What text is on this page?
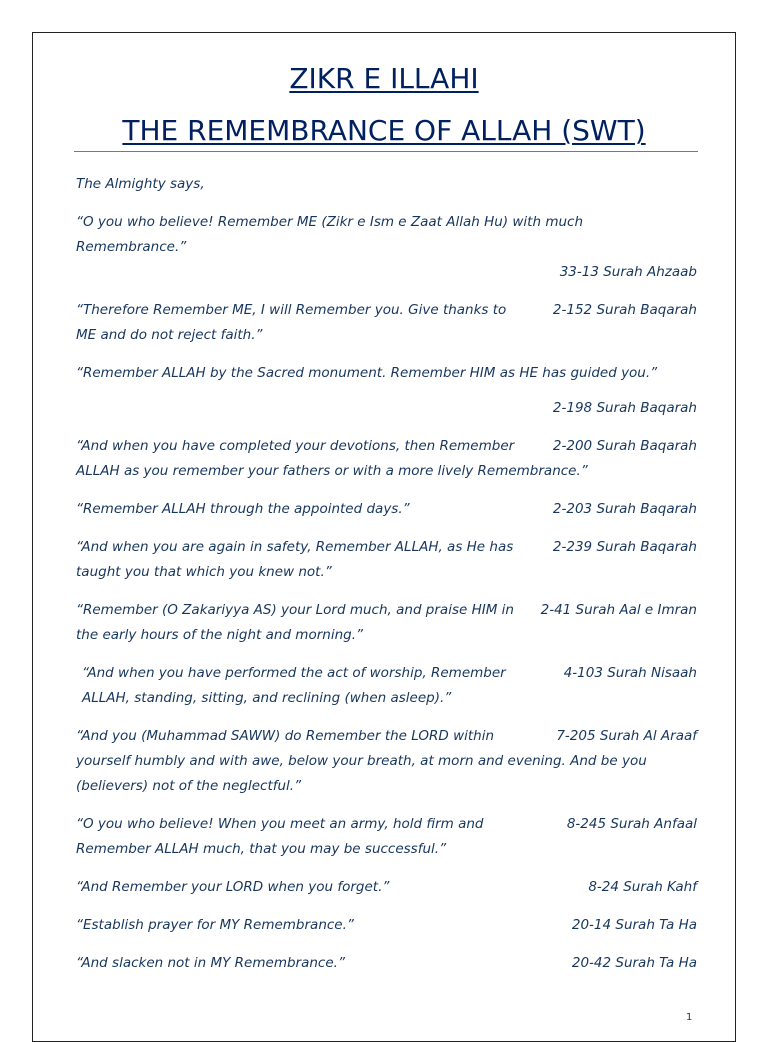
ZIKR E ILLAHI
THE REMEMBRANCE OF ALLAH (SWT)

The Almighty says,

“O you who believe! Remember ME (Zikr e Ism e Zaat Allah Hu) with much Remembrance.”
33-13 Surah Ahzaab
2-152 Surah Baqarah
“Therefore Remember ME, I will Remember you. Give thanks to ME and do not reject faith.”
“Remember ALLAH by the Sacred monument. Remember HIM as HE has guided you.”
2-198 Surah Baqarah
2-200 Surah Baqarah
“And when you have completed your devotions, then Remember ALLAH as you remember your fathers or with a more lively Remembrance.”
2-203 Surah Baqarah
“Remember ALLAH through the appointed days.”
2-239 Surah Baqarah
“And when you are again in safety, Remember ALLAH, as He has taught you that which you knew not.”
2-41 Surah Aal e Imran
“Remember (O Zakariyya AS) your Lord much, and praise HIM in the early hours of the night and morning.”
4-103 Surah Nisaah
“And when you have performed the act of worship, Remember ALLAH, standing, sitting, and reclining (when asleep).”
7-205 Surah Al Araaf
“And you (Muhammad SAWW) do Remember the LORD within yourself humbly and with awe, below your breath, at morn and evening. And be you (believers) not of the neglectful.”
8-245 Surah Anfaal
“O you who believe! When you meet an army, hold firm and Remember ALLAH much, that you may be successful.”
8-24 Surah Kahf
“And Remember your LORD when you forget.”
20-14 Surah Ta Ha
“Establish prayer for MY Remembrance.”
20-42 Surah Ta Ha
“And slacken not in MY Remembrance.”
1
